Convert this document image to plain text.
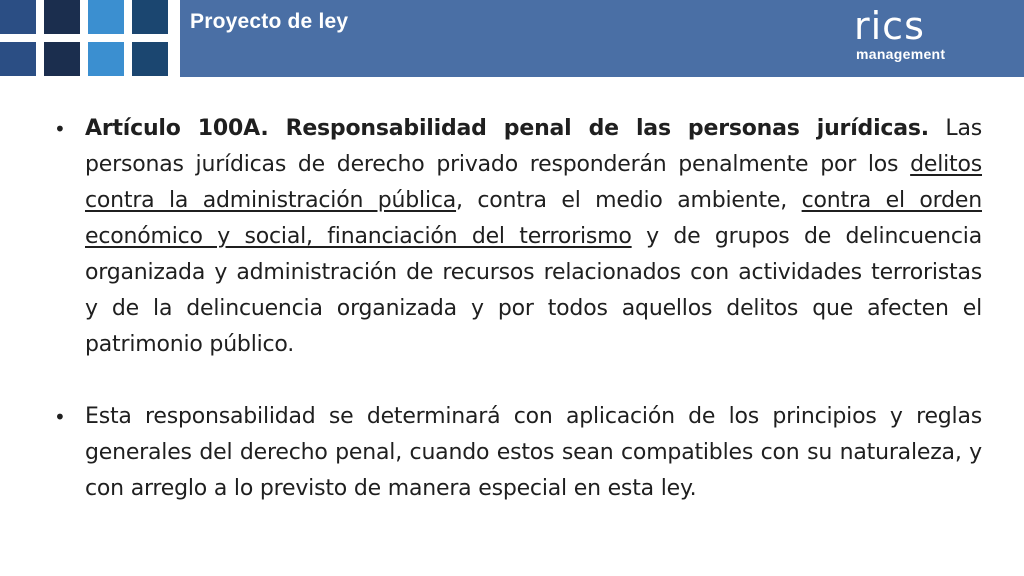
Proyecto de ley	rics
management
• Artículo 100A. Responsabilidad penal de las personas jurídicas. Las personas jurídicas de derecho privado responderán penalmente por los delitos contra la administración pública, contra el medio ambiente, contra el orden económico y social, financiación del terrorismo y de grupos de delincuencia organizada y administración de recursos relacionados con actividades terroristas y de la delincuencia organizada y por todos aquellos delitos que afecten el patrimonio público.
• Esta responsabilidad se determinará con aplicación de los principios y reglas generales del derecho penal, cuando estos sean compatibles con su naturaleza, y con arreglo a lo previsto de manera especial en esta ley.
